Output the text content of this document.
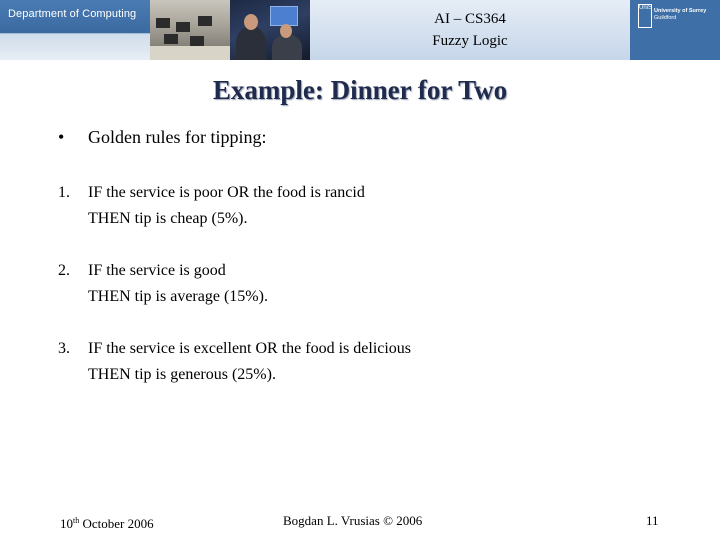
Department of Computing	AI – CS364
Fuzzy Logic
UniS University of Surrey
Guildford
Example: Dinner for Two
• Golden rules for tipping:
1. IF the service is poor OR the food is rancid
THEN tip is cheap (5%).
2. IF the service is good
THEN tip is average (15%).
3. IF the service is excellent OR the food is delicious
THEN tip is generous (25%).
10th October 2006	Bogdan L. Vrusias © 2006	11
